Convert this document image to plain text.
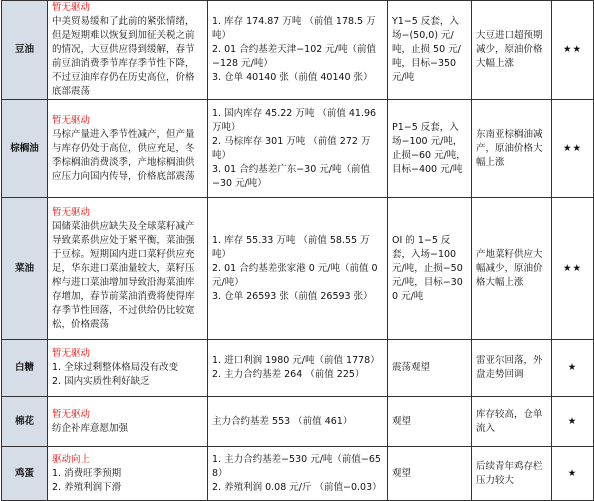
豆油	暂无驱动
中美贸易缓和了此前的紧张情绪，但是短期难以恢复到加征关税之前的情况，大豆供应得到缓解，春节前豆油消费季节库存季节性下降，不过豆油库存仍在历史高位，价格底部震荡	1. 库存 174.87 万吨 （前值 178.5 万吨）
2. 01 合约基差天津−102 元/吨（前值−128 元/吨）
3. 仓单 40140 张（前值 40140 张）	Y1−5 反套，入场−(50,0) 元/吨，止损 50 元/吨，目标−350 元/吨	大豆进口超预期减少，原油价格大幅上涨	★★
棕榈油	暂无驱动
马棕产量进入季节性减产，但产量与库存仍处于高位，供应充足，冬季棕榈油消费淡季，产地棕榈油供应压力向国内传导，价格底部震荡	1. 国内库存 45.22 万吨 （前值 41.96 万吨）
2. 马棕库存 301 万吨 （前值 272 万吨）
3. 01 合约基差广东−30 元/吨（前值−30 元/吨）	P1−5 反套，入场−100 元/吨，止损−60 元/吨，目标−400 元/吨	东南亚棕榈油减产，原油价格大幅上涨	★★
菜油	暂无驱动
国储菜油供应缺失及全球菜籽减产导致菜系供应处于紧平衡，菜油强于豆棕。短期国内进口菜籽供应充足，华东进口菜油量较大，菜籽压榨与进口菜油增加导致沿海菜油库存增加，春节前菜油消费将使得库存季节性回落，不过供给仍比较宽松，价格震荡	1. 库存 55.33 万吨 （前值 58.55 万吨）
2. 01 合约基差张家港 0 元/吨（前值 0 元/吨）
3. 仓单 26593 张（前值 26593 张）	OI 的 1−5 反套，入场−100 元/吨，止损−50 元/吨，目标−300 元/吨	产地菜籽供应大幅减少，原油价格大幅上涨	★★
白糖	暂无驱动
1. 全球过剩整体格局没有改变
2. 国内实质性利好缺乏	1. 进口利润 1980 元/吨（前值 1778）
2. 主力合约基差 264 （前值 225）	震荡观望	雷亚尔回落，外盘走势回调	★
棉花	暂无驱动
纺企补库意愿加强	主力合约基差 553 （前值 461）	观望	库存较高，仓单流入	★
鸡蛋	驱动向上
1. 消费旺季预期
2. 养殖利润下滑	1. 主力合约基差−530 元/吨（前值−658）
2. 养殖利润 0.08 元/斤 （前值−0.03）	观望	后续青年鸡存栏压力较大	★
